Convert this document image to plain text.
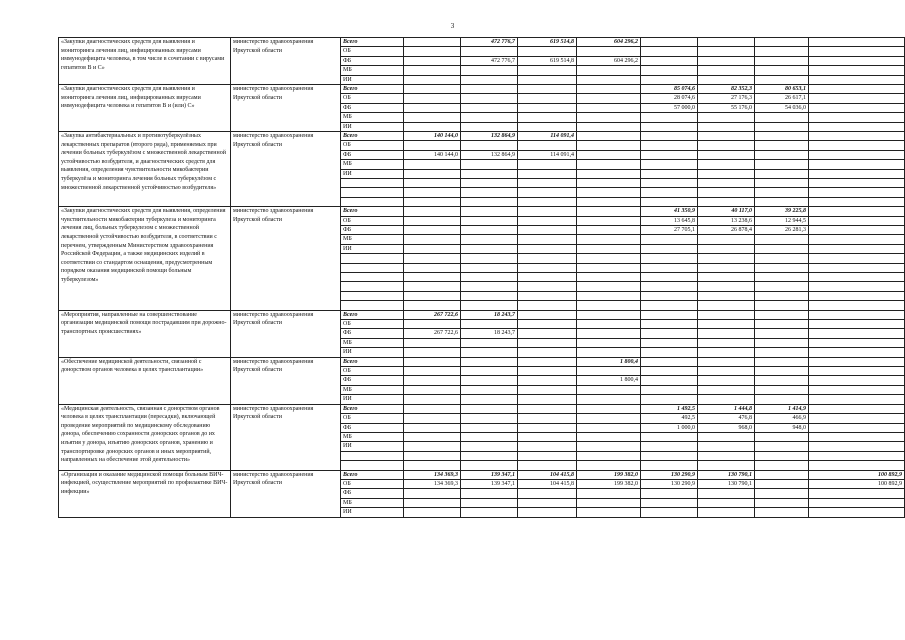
3
«Закупки диагностических средств для выявления и мониторинга лечения лиц, инфицированных вирусами иммунодефицита человека, в том числе в сочетании с вирусами гепатитов В и С»	министерство здравоохранения Иркутской области	Всего		472 776,7	619 514,8	604 296,2				
		ОБ								
		ФБ		472 776,7	619 514,8	604 296,2				
		МБ								
		ИИ								
«Закупки диагностических средств для выявления и мониторинга лечения лиц, инфицированных вирусами иммунодефицита человека и гепатитов В и (или) С»	министерство здравоохранения Иркутской области	Всего					85 074,6	82 352,3	80 653,1	
		ОБ					28 074,6	27 176,3	26 617,1	
		ФБ					57 000,0	55 176,0	54 036,0	
		МБ								
		ИИ								
«Закупка антибактериальных и противотуберкулёзных лекарственных препаратов (второго ряда), применяемых при лечении больных туберкулёзом с множественной лекарственной устойчивостью возбудителя, и диагностических средств для выявления, определения чувствительности микобактерии туберкулёза и мониторинга лечения больных туберкулёзом с множественной лекарственной устойчивостью возбудителя»	министерство здравоохранения Иркутской области	Всего	140 144,0	132 864,9	114 091,4					
		ОБ								
		ФБ	140 144,0	132 864,9	114 091,4					
		МБ								
		ИИ								

«Закупки диагностических средств для выявления, определения чувствительности микобактерии туберкулеза и мониторинга лечения лиц, больных туберкулезом с множественной лекарственной устойчивостью возбудителя, в соответствии с перечнем, утвержденным Министерством здравоохранения Российской Федерации, а также медицинских изделий в соответствии со стандартом оснащения, предусмотренным порядком оказания медицинской помощи больным туберкулезом»	министерство здравоохранения Иркутской области	Всего					41 350,9	40 117,0	39 225,8	
		ОБ					13 645,8	13 238,6	12 944,5	
		ФБ					27 705,1	26 878,4	26 281,3	
		МБ								
		ИИ								

«Мероприятия, направленные на совершенствование организации медицинской помощи пострадавшим при дорожно-транспортных происшествиях»	министерство здравоохранения Иркутской области	Всего	267 722,6	18 243,7						
		ОБ								
		ФБ	267 722,6	18 243,7						
		МБ								
		ИИ								
«Обеспечение медицинской деятельности, связанной с донорством органов человека в целях трансплантации»	министерство здравоохранения Иркутской области	Всего				1 800,4				
		ОБ								
		ФБ				1 800,4				
		МБ								
		ИИ								
«Медицинская деятельность, связанная с донорством органов человека в целях трансплантации (пересадки), включающей проведение мероприятий по медицинскому обследованию донора, обеспечению сохранности донорских органов до их изъятия у донора, изъятию донорских органов, хранению и транспортировке донорских органов и иных мероприятий, направленных на обеспечение этой деятельности»	министерство здравоохранения Иркутской области	Всего					1 492,5	1 444,8	1 414,9	
		ОБ					492,5	476,8	466,9	
		ФБ					1 000,0	968,0	948,0	
		МБ								
		ИИ								

«Организация и оказание медицинской помощи больным ВИЧ-инфекцией, осуществление мероприятий по профилактике ВИЧ-инфекции»	министерство здравоохранения Иркутской области	Всего	134 369,3	139 347,1	104 415,8	199 382,0	130 290,9	130 790,1		100 892,9
		ОБ	134 369,3	139 347,1	104 415,8	199 382,0	130 290,9	130 790,1		100 892,9
		ФБ								
		МБ								
		ИИ								
